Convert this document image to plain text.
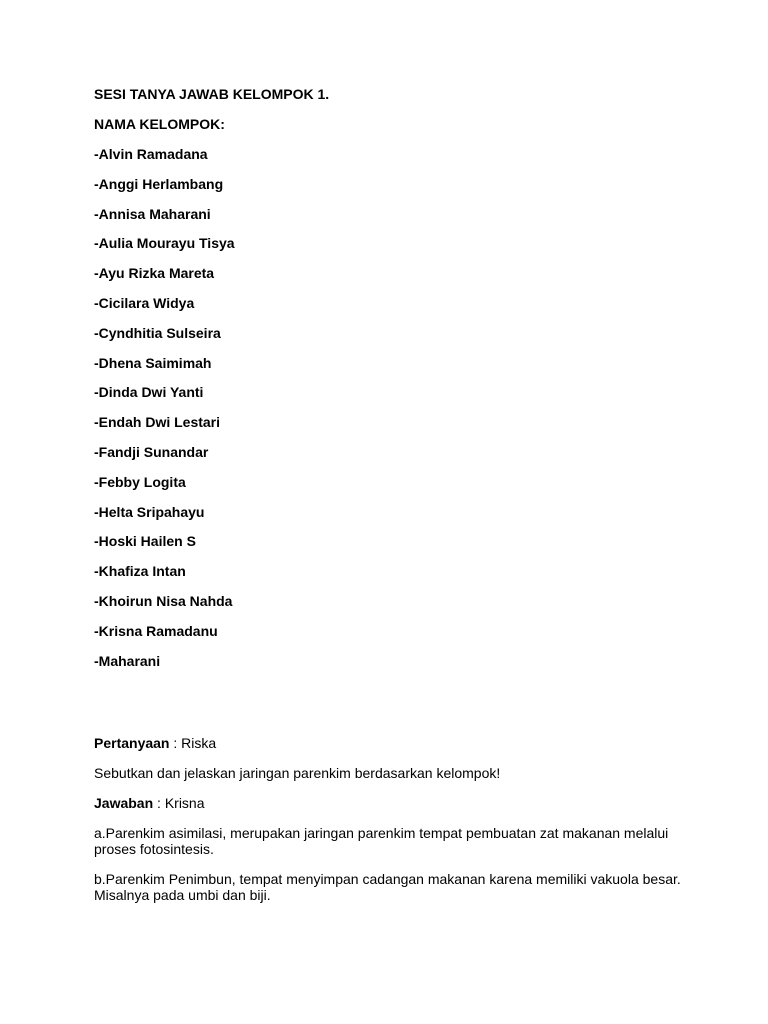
SESI TANYA JAWAB KELOMPOK 1.

NAMA KELOMPOK:

-Alvin Ramadana

-Anggi Herlambang

-Annisa Maharani

-Aulia Mourayu Tisya

-Ayu Rizka Mareta

-Cicilara Widya

-Cyndhitia Sulseira

-Dhena Saimimah

-Dinda Dwi Yanti

-Endah Dwi Lestari

-Fandji Sunandar

-Febby Logita

-Helta Sripahayu

-Hoski Hailen S

-Khafiza Intan

-Khoirun Nisa Nahda

-Krisna Ramadanu

-Maharani

Pertanyaan : Riska

Sebutkan dan jelaskan jaringan parenkim berdasarkan kelompok!

Jawaban : Krisna

a.Parenkim asimilasi, merupakan jaringan parenkim tempat pembuatan zat makanan melalui proses fotosintesis.

b.Parenkim Penimbun, tempat menyimpan cadangan makanan karena memiliki vakuola besar. Misalnya pada umbi dan biji.
